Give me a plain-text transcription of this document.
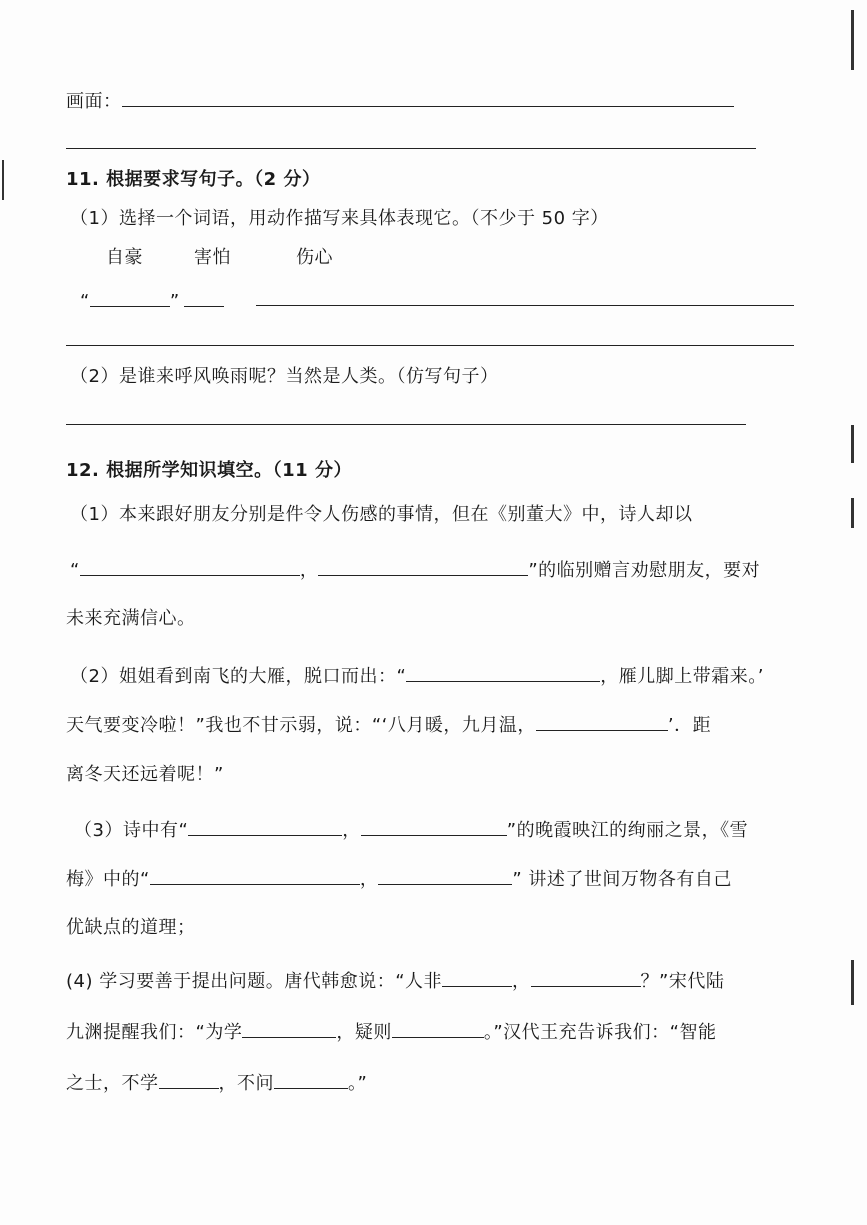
画面：
11. 根据要求写句子。（2 分）
（1）选择一个词语，用动作描写来具体表现它。（不少于 50 字）
自豪	害怕	伤心
“	”
（2）是谁来呼风唤雨呢？当然是人类。（仿写句子）
12. 根据所学知识填空。（11 分）
（1）本来跟好朋友分别是件令人伤感的事情，但在《别董大》中，诗人却以
“	，	”的临别赠言劝慰朋友，要对
未来充满信心。
（2）姐姐看到南飞的大雁，脱口而出：“	，雁儿脚上带霜来。’
天气要变冷啦！”我也不甘示弱，说：“‘八月暖，九月温，	’．距
离冬天还远着呢！”
（3）诗中有“	，	”的晚霞映江的绚丽之景，《雪
梅》中的“	，	” 讲述了世间万物各有自己
优缺点的道理；
(4) 学习要善于提出问题。唐代韩愈说：“人非	，	？”宋代陆
九渊提醒我们：“为学	，疑则	。”汉代王充告诉我们：“智能
之士，不学	，不问	。”
